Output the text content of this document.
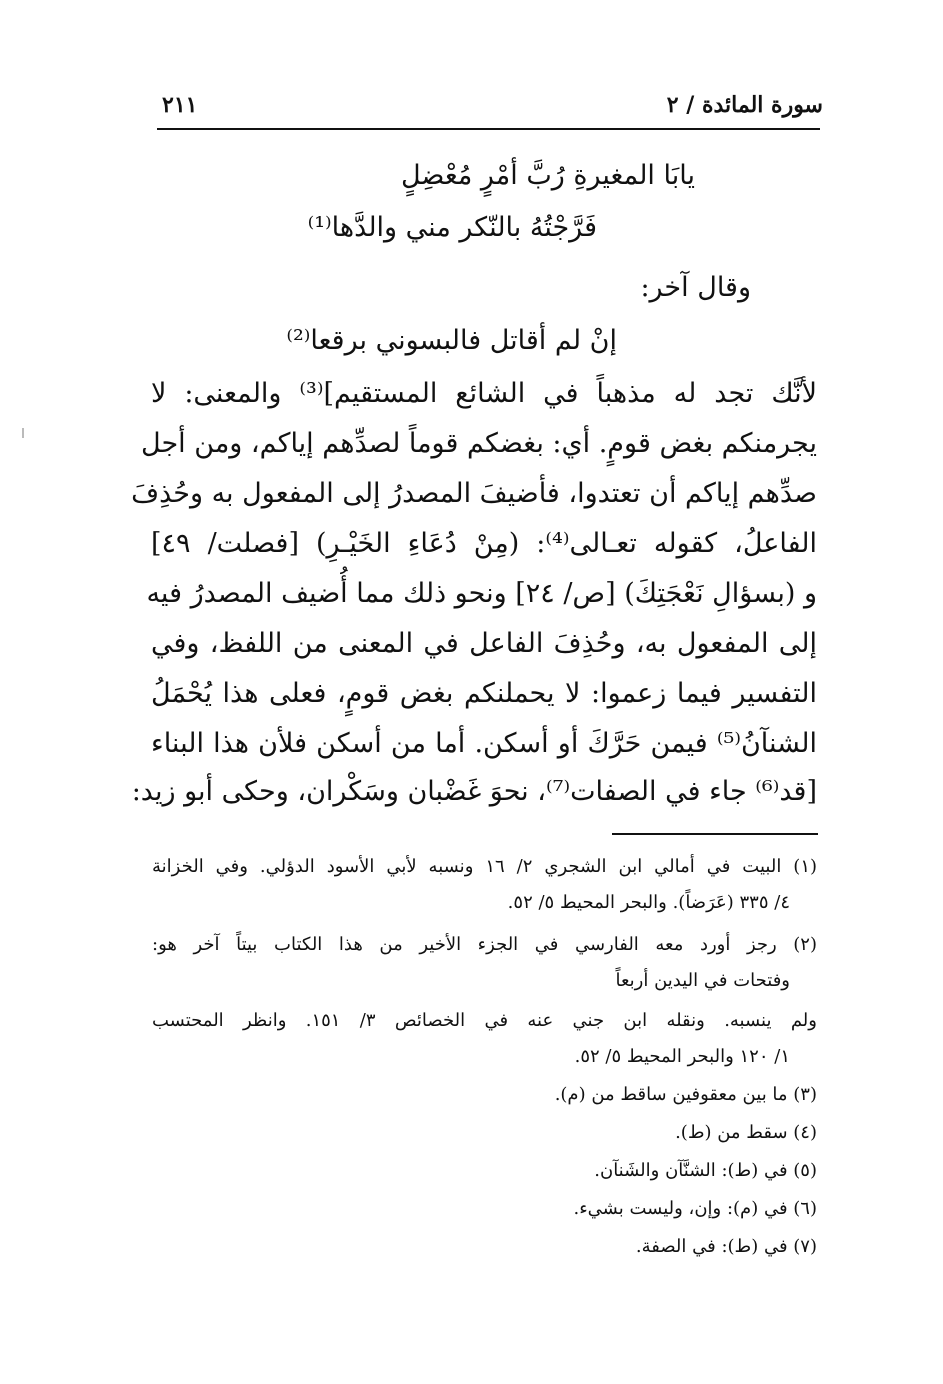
سورة المائدة / ٢
٢١١
يابَا المغيرةِ رُبَّ أمْرٍ مُعْضِلٍ
فَرَّجْتُهُ بالنّكر مني والدَّها⁽¹⁾
وقال آخر:
إنْ لم أقاتل فالبسوني برقعا⁽²⁾
لأنَّك تجد له مذهباً في الشائع المستقيم]⁽³⁾ والمعنى: لا
يجرمنكم بغض قومٍ. أي: بغضكم قوماً لصدِّهم إياكم، ومن أجل
صدِّهم إياكم أن تعتدوا، فأضيفَ المصدرُ إلى المفعول به وحُذِفَ
الفاعلُ، كقوله تعـالى⁽⁴⁾: (مِنْ دُعَاءِ الخَيْـرِ) [فصلت/ ٤٩]
و (بسؤالِ نَعْجَتِكَ) [ص/ ٢٤] ونحو ذلك مما أُضيف المصدرُ فيه
إلى المفعول به، وحُذِفَ الفاعل في المعنى من اللفظ، وفي
التفسير فيما زعموا: لا يحملنكم بغض قومٍ، فعلى هذا يُحْمَلُ
الشنآنُ⁽⁵⁾ فيمن حَرَّكَ أو أسكن. أما من أسكن فلأن هذا البناء
[قد⁽⁶⁾ جاء في الصفات⁽⁷⁾، نحوَ غَضْبان وسَكْران، وحكى أبو زيد:
(١) البيت في أمالي ابن الشجري ٢/ ١٦ ونسبه لأبي الأسود الدؤلي. وفي الخزانة
٤/ ٣٣٥ (عَرَضاً). والبحر المحيط ٥/ ٥٢.
(٢) رجز أورد معه الفارسي في الجزء الأخير من هذا الكتاب بيتاً آخر هو:
وفتحات في اليدين أربعاً
ولم ينسبه. ونقله ابن جني عنه في الخصائص ٣/ ١٥١. وانظر المحتسب
١/ ١٢٠ والبحر المحيط ٥/ ٥٢.
(٣) ما بين معقوفين ساقط من (م).
(٤) سقط من (ط).
(٥) في (ط): الشنَّآن والشَنآن.
(٦) في (م): وإن، وليست بشيء.
(٧) في (ط): في الصفة.
